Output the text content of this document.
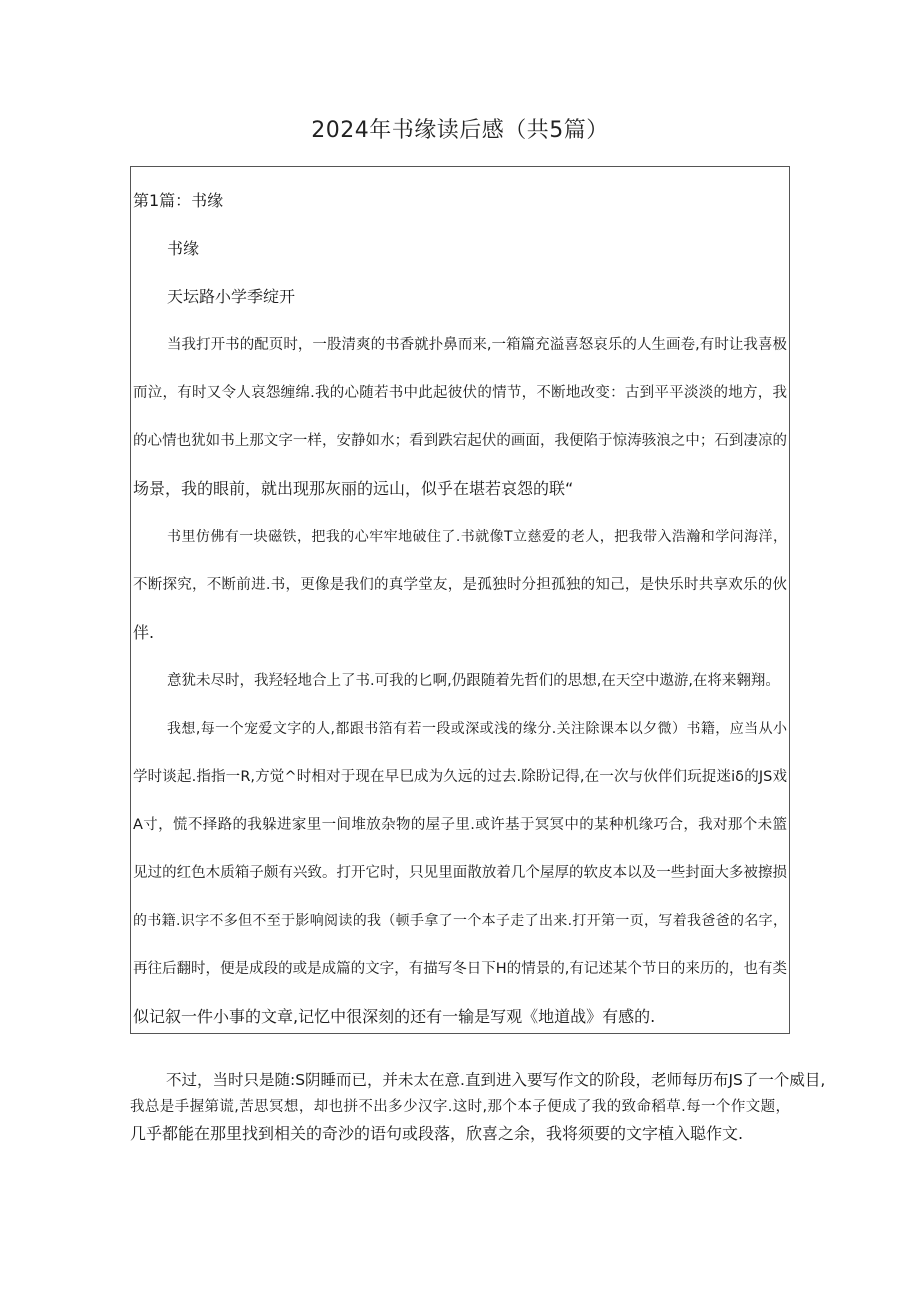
2024年书缘读后感（共5篇）
第1篇：书缘
书缘
天坛路小学季绽开
当我打开书的配页时，一股清爽的书香就扑鼻而来,一箱篇充溢喜怒哀乐的人生画卷,有时让我喜极
而泣，有时又令人哀怨缠绵.我的心随若书中此起彼伏的情节，不断地改变：古到平平淡淡的地方，我
的心情也犹如书上那文字一样，安静如水；看到跌宕起伏的画面，我便陷于惊涛骇浪之中；石到凄凉的
场景，我的眼前，就出现那灰丽的远山，似乎在堪若哀怨的联“
书里仿佛有一块磁铁，把我的心牢牢地破住了.书就像T立慈爱的老人，把我带入浩瀚和学问海洋，
不断探究，不断前进.书，更像是我们的真学堂友，是孤独时分担孤独的知己，是快乐时共享欢乐的伙
伴.
意犹未尽时，我羟轻地合上了书.可我的匕啊,仍跟随着先哲们的思想,在天空中遨游,在将来翱翔。
我想,每一个宠爱文字的人,都跟书箔有若一段或深或浅的缘分.关注除课本以夕微）书籍，应当从小
学时谈起.指指一R,方觉^时相对于现在早巳成为久远的过去.除盼记得,在一次与伙伴们玩捉迷iδ的JS戏
A寸，慌不择路的我躲进家里一间堆放杂物的屋子里.或许基于冥冥中的某种机缘巧合，我对那个未篮
见过的红色木质箱子颇有兴致。打开它时，只见里面散放着几个屋厚的软皮本以及一些封面大多被擦损
的书籍.识字不多但不至于影响阅读的我（顿手拿了一个本子走了出来.打开第一页，写着我爸爸的名字，
再往后翻时，便是成段的或是成篇的文字，有描写冬日下H的情景的,有记述某个节日的来历的，也有类
似记叙一件小事的文章,记忆中很深刻的还有一输是写观《地道战》有感的.
不过，当时只是随:S阴睡而已，并未太在意.直到进入要写作文的阶段，老师每历布JS了一个威目,
我总是手握第谎,苦思冥想，却也拼不出多少汉字.这时,那个本子便成了我的致命稻草.每一个作文题，
几乎都能在那里找到相关的奇沙的语句或段落，欣喜之余，我将须要的文字植入聪作文.
